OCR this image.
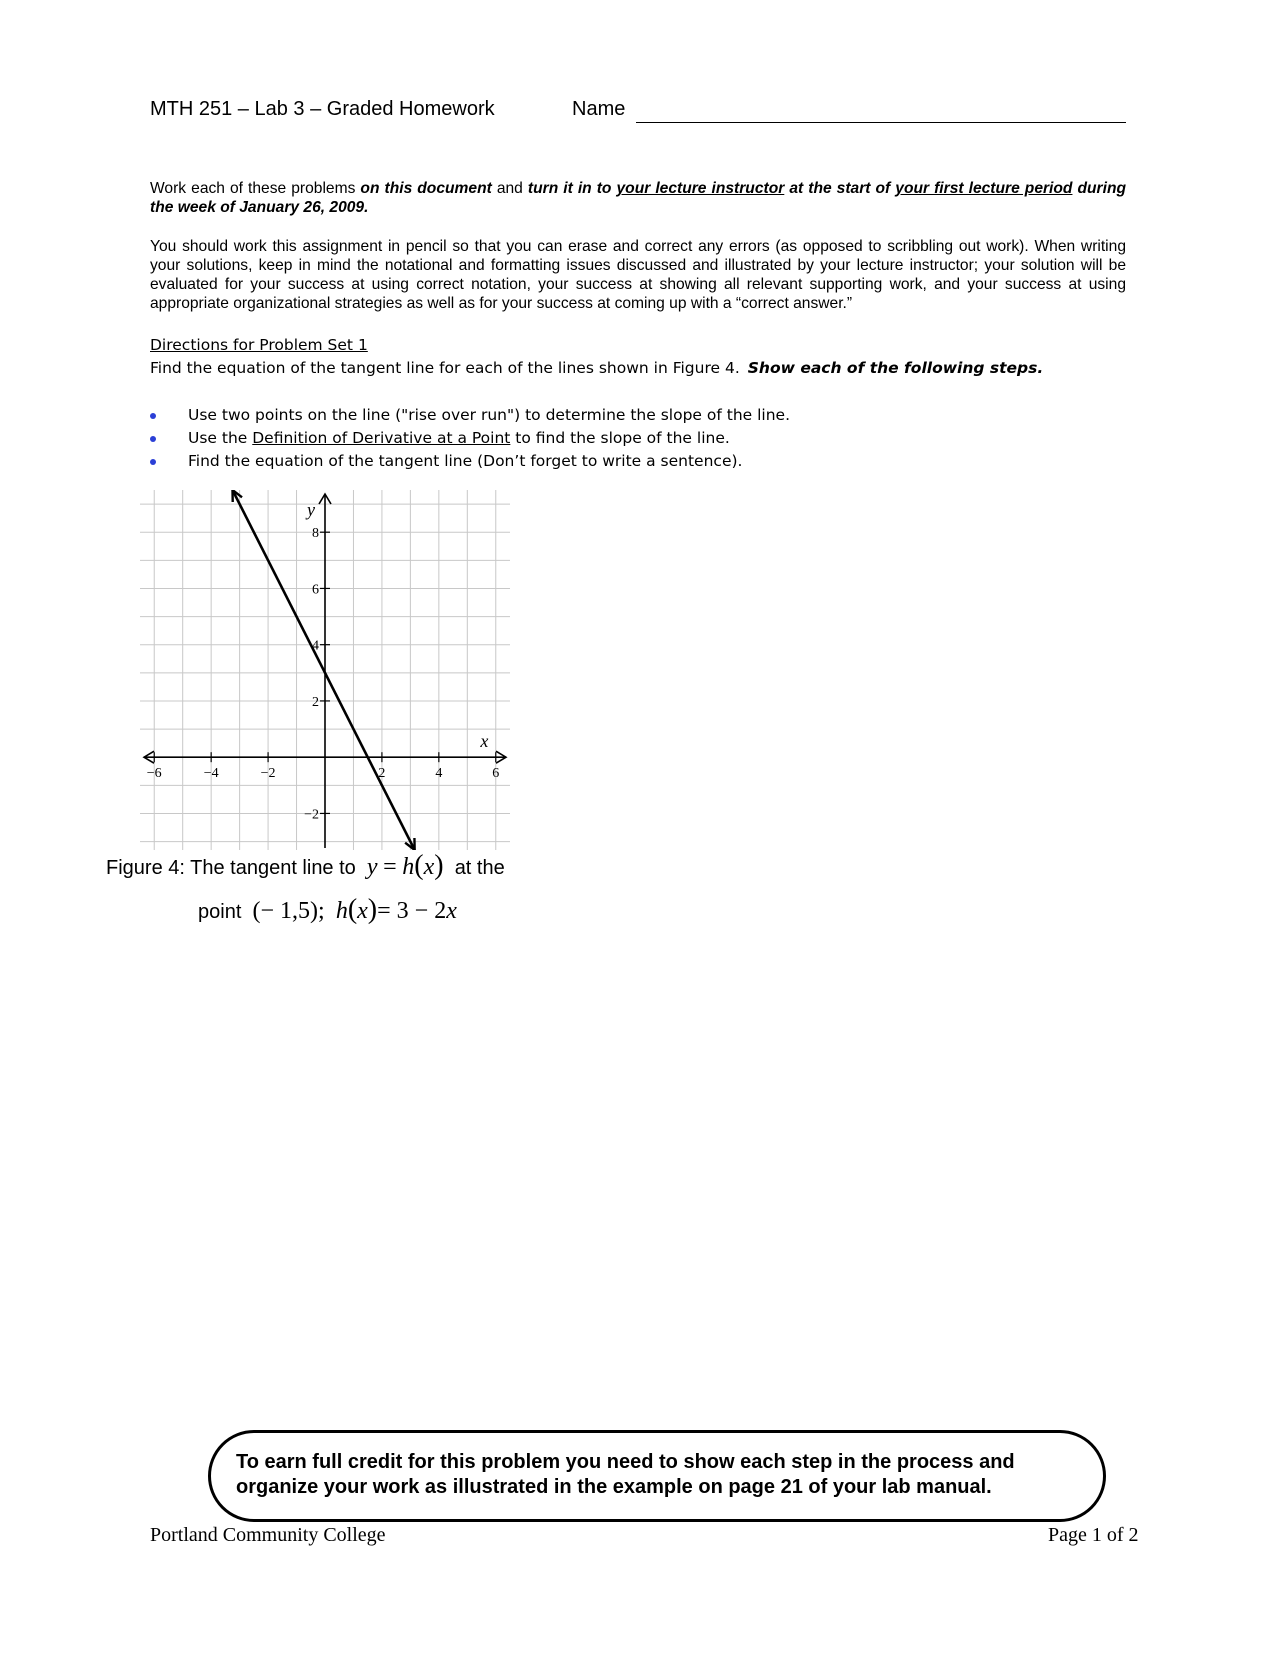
MTH 251 – Lab 3 – Graded Homework	Name
Work each of these problems on this document and turn it in to your lecture instructor at the start of your first lecture period during the week of January 26, 2009.
You should work this assignment in pencil so that you can erase and correct any errors (as opposed to scribbling out work). When writing your solutions, keep in mind the notational and formatting issues discussed and illustrated by your lecture instructor; your solution will be evaluated for your success at using correct notation, your success at showing all relevant supporting work, and your success at using appropriate organizational strategies as well as for your success at coming up with a “correct answer.”
Directions for Problem Set 1
Find the equation of the tangent line for each of the lines shown in Figure 4. Show each of the following steps.
Use two points on the line ("rise over run") to determine the slope of the line.
Use the Definition of Derivative at a Point to find the slope of the line.
Find the equation of the tangent line (Don’t forget to write a sentence).
−6	−4	−2	2	4	6
−2
2
4
6
8
x
y
Figure 4: The tangent line to y = h(x) at the
point (− 1,5); h(x)= 3 − 2x
To earn full credit for this problem you need to show each step in the process and organize your work as illustrated in the example on page 21 of your lab manual.
Portland Community College	Page 1 of 2
